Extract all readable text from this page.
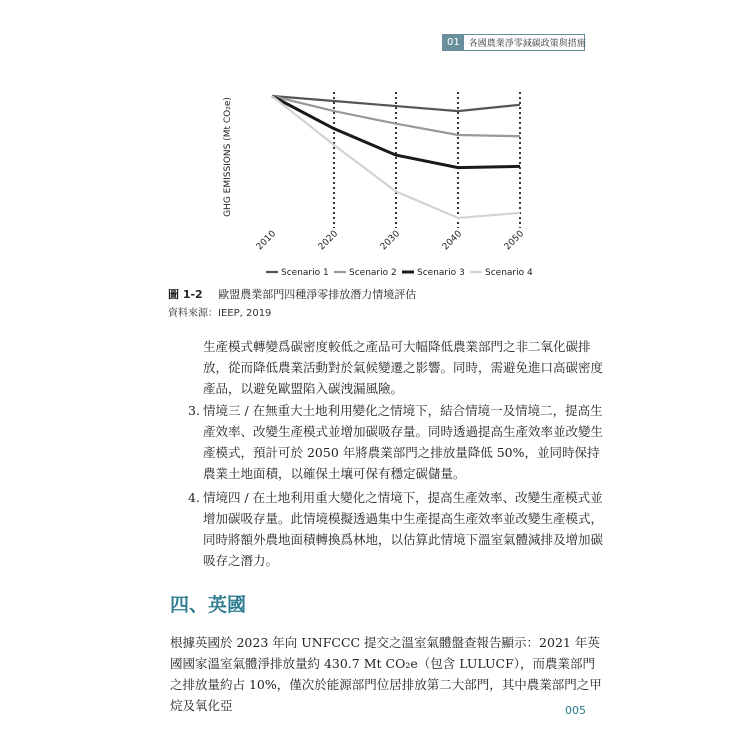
01	各國農業淨零減碳政策與措施
GHG EMISSIONS (Mt CO₂e)
2010	2020	2030	2040	2050
Scenario 1 Scenario 2 Scenario 3 Scenario 4
圖 1-2 歐盟農業部門四種淨零排放潛力情境評估
資料來源：IEEP, 2019
生產模式轉變爲碳密度較低之產品可大幅降低農業部門之非二氧化碳排放，從而降低農業活動對於氣候變遷之影響。同時，需避免進口高碳密度產品，以避免歐盟陷入碳洩漏風險。
3. 情境三 / 在無重大土地利用變化之情境下，結合情境一及情境二，提高生產效率、改變生產模式並增加碳吸存量。同時透過提高生產效率並改變生產模式，預計可於 2050 年將農業部門之排放量降低 50%，並同時保持農業土地面積，以確保土壤可保有穩定碳儲量。
4. 情境四 / 在土地利用重大變化之情境下，提高生產效率、改變生產模式並增加碳吸存量。此情境模擬透過集中生產提高生產效率並改變生產模式，同時將額外農地面積轉換爲林地，以估算此情境下溫室氣體減排及增加碳吸存之潛力。
四、英國
根據英國於 2023 年向 UNFCCC 提交之溫室氣體盤查報告顯示：2021 年英國國家溫室氣體淨排放量約 430.7 Mt CO₂e（包含 LULUCF），而農業部門之排放量約占 10%，僅次於能源部門位居排放第二大部門，其中農業部門之甲烷及氧化亞	005
